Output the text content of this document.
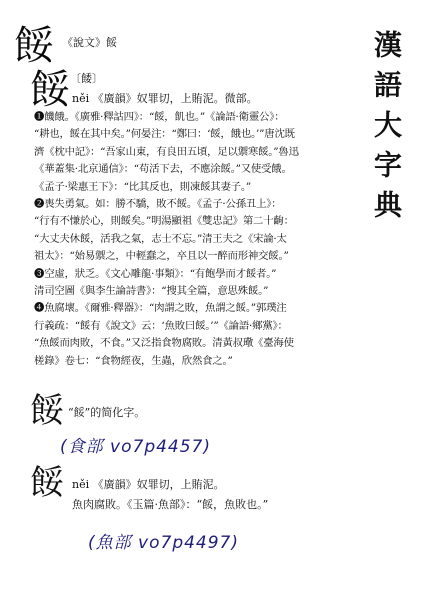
漢語大字典
餒 《說文》餒
餒 〔餧〕
něi 《廣韻》奴罪切，上賄泥。微部。
❶饑餓。《廣雅·釋詁四》：“餒，飢也。”《論語·衛靈公》：
“耕也，餒在其中矣。”何晏注：“鄭曰：‘餒，餓也。’”唐沈既
濟《枕中記》：“吾家山東，有良田五頃，足以禦寒餒。”魯迅
《華蓋集·北京通信》：“苟活下去，不應涂餒。”又使受餓。
《孟子·梁惠王下》：“比其反也，則凍餒其妻子。”
❷喪失勇氣。如：勝不驕，敗不餒。《孟子·公孫丑上》：
“行有不慊於心，則餒矣。”明湯顯祖《雙忠記》第二十齣：
“大丈夫休餒，活我之氣，志士不忘。”清王夫之《宋論·太
祖太》：“始易禦之，中輕蠢之，卒且以一醉而形神交餒。”
❸空虛，狀乏。《文心雕龍·事類》：“有飽學而才餒者。”
清司空圖《與李生論詩書》：“搜其全篇，意思殊餒。”
❹魚腐壞。《爾雅·釋器》：“肉謂之敗，魚謂之餒。”郭璞注
行義疏：“餒有《說文》云：‘魚敗曰餒。’”《論語·鄉黨》：
“魚餒而肉敗，不食。”又泛指食物腐敗。清黃叔璥《臺海使
槎錄》卷七：“食物經夜，生蟲，欣然食之。”
餒 “餒”的简化字。
(食部 vo7p4457)
餒 něi 《廣韻》奴罪切，上賄泥。
魚肉腐敗。《玉篇·魚部》：“餒，魚敗也。”
(魚部 vo7p4497)
